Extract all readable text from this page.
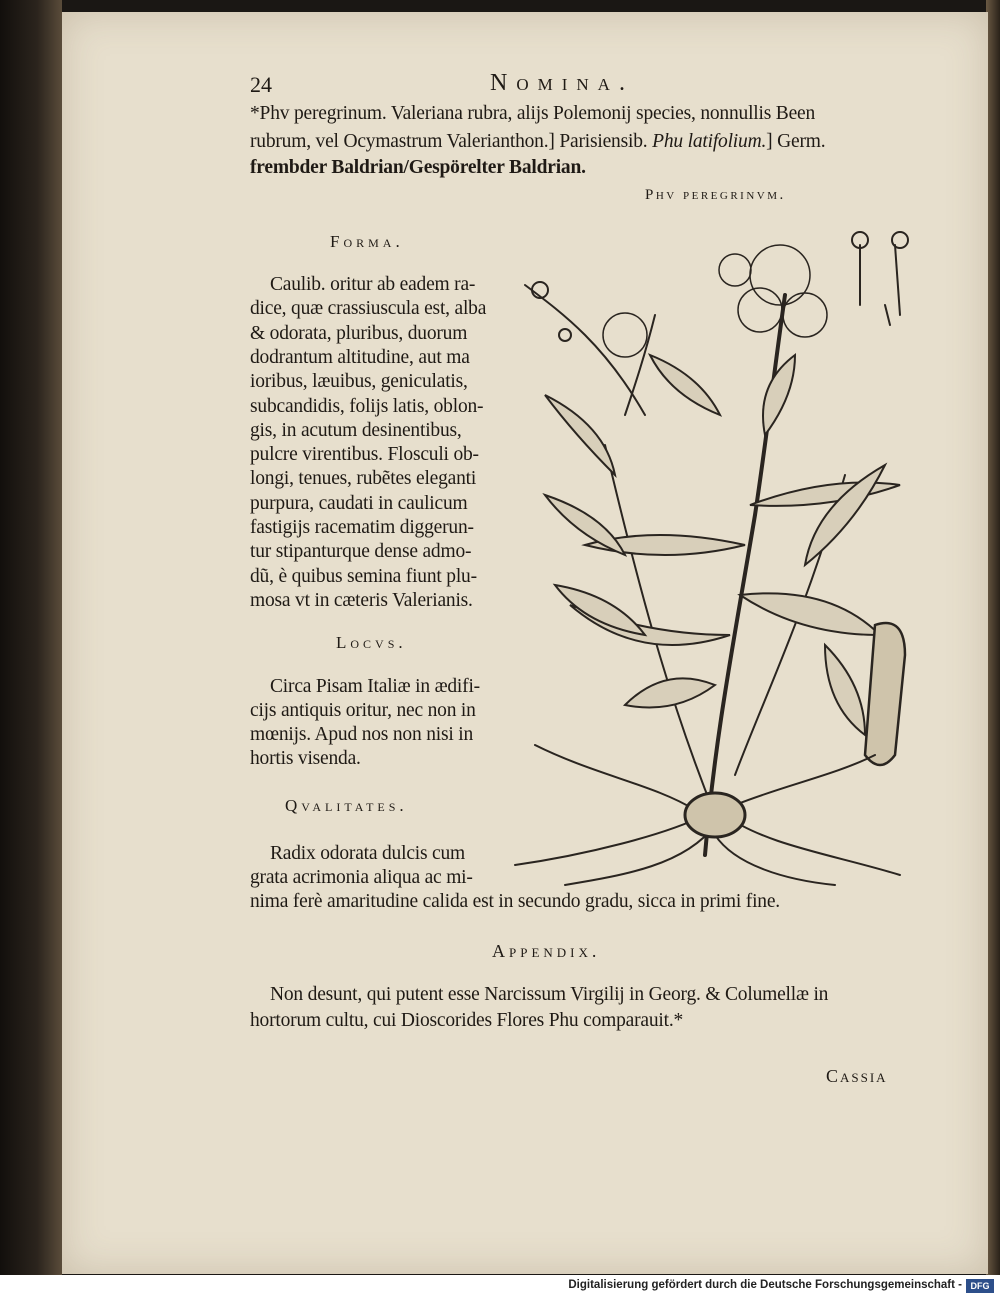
24	Nomina.
*Phv peregrinum. Valeriana rubra, alijs Polemonij species, nonnullis Been
rubrum, vel Ocymastrum Valerianthon.] Parisiensib. Phu latifolium.] Germ.
frembder Baldrian/Gespörelter Baldrian.
Phv peregrinvm.
Forma.
Caulib. oritur ab eadem ra-
dice, quæ crassiuscula est, alba
& odorata, pluribus, duorum
dodrantum altitudine, aut ma
ioribus, læuibus, geniculatis,
subcandidis, folijs latis, oblon-
gis, in acutum desinentibus,
pulcre virentibus. Flosculi ob-
longi, tenues, rubẽtes eleganti
purpura, caudati in caulicum
fastigijs racematim diggerun-
tur stipanturque dense admo-
dũ, è quibus semina fiunt plu-
mosa vt in cæteris Valerianis.
Locvs.
Circa Pisam Italiæ in ædifi-
cijs antiquis oritur, nec non in
mœnijs. Apud nos non nisi in
hortis visenda.
Qvalitates.
Radix odorata dulcis cum
grata acrimonia aliqua ac mi-
nima ferè amaritudine calida est in secundo gradu, sicca in primi fine.
Appendix.
Non desunt, qui putent esse Narcissum Virgilij in Georg. & Columellæ in
hortorum cultu, cui Dioscorides Flores Phu comparauit.*
Cassia
Digitalisierung gefördert durch die Deutsche Forschungsgemeinschaft - DFG
